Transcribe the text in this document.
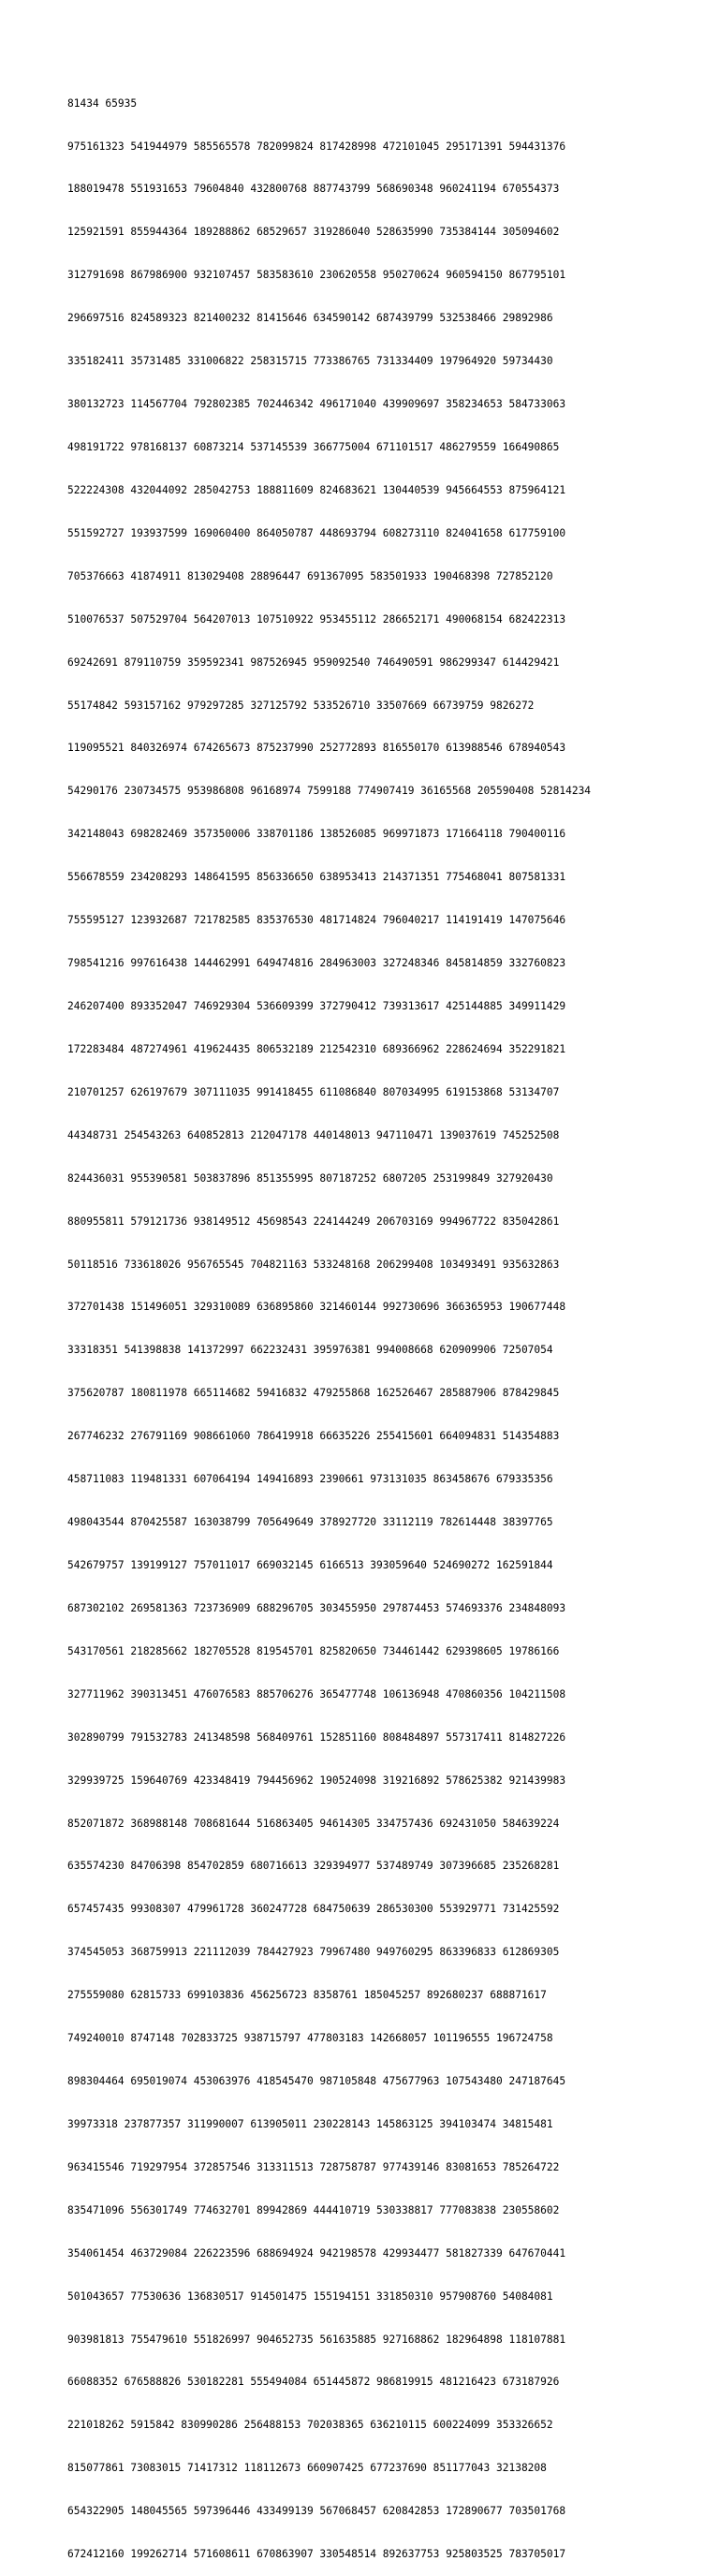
81434 65935

975161323 541944979 585565578 782099824 817428998 472101045 295171391 594431376

188019478 551931653 79604840 432800768 887743799 568690348 960241194 670554373

125921591 855944364 189288862 68529657 319286040 528635990 735384144 305094602

312791698 867986900 932107457 583583610 230620558 950270624 960594150 867795101

296697516 824589323 821400232 81415646 634590142 687439799 532538466 29892986

335182411 35731485 331006822 258315715 773386765 731334409 197964920 59734430

380132723 114567704 792802385 702446342 496171040 439909697 358234653 584733063

498191722 978168137 60873214 537145539 366775004 671101517 486279559 166490865

522224308 432044092 285042753 188811609 824683621 130440539 945664553 875964121

551592727 193937599 169060400 864050787 448693794 608273110 824041658 617759100

705376663 41874911 813029408 28896447 691367095 583501933 190468398 727852120

510076537 507529704 564207013 107510922 953455112 286652171 490068154 682422313

69242691 879110759 359592341 987526945 959092540 746490591 986299347 614429421

55174842 593157162 979297285 327125792 533526710 33507669 66739759 9826272

119095521 840326974 674265673 875237990 252772893 816550170 613988546 678940543

54290176 230734575 953986808 96168974 7599188 774907419 36165568 205590408 52814234

342148043 698282469 357350006 338701186 138526085 969971873 171664118 790400116

556678559 234208293 148641595 856336650 638953413 214371351 775468041 807581331

755595127 123932687 721782585 835376530 481714824 796040217 114191419 147075646

798541216 997616438 144462991 649474816 284963003 327248346 845814859 332760823

246207400 893352047 746929304 536609399 372790412 739313617 425144885 349911429

172283484 487274961 419624435 806532189 212542310 689366962 228624694 352291821

210701257 626197679 307111035 991418455 611086840 807034995 619153868 53134707

44348731 254543263 640852813 212047178 440148013 947110471 139037619 745252508

824436031 955390581 503837896 851355995 807187252 6807205 253199849 327920430

880955811 579121736 938149512 45698543 224144249 206703169 994967722 835042861

50118516 733618026 956765545 704821163 533248168 206299408 103493491 935632863

372701438 151496051 329310089 636895860 321460144 992730696 366365953 190677448

33318351 541398838 141372997 662232431 395976381 994008668 620909906 72507054

375620787 180811978 665114682 59416832 479255868 162526467 285887906 878429845

267746232 276791169 908661060 786419918 66635226 255415601 664094831 514354883

458711083 119481331 607064194 149416893 2390661 973131035 863458676 679335356

498043544 870425587 163038799 705649649 378927720 33112119 782614448 38397765

542679757 139199127 757011017 669032145 6166513 393059640 524690272 162591844

687302102 269581363 723736909 688296705 303455950 297874453 574693376 234848093

543170561 218285662 182705528 819545701 825820650 734461442 629398605 19786166

327711962 390313451 476076583 885706276 365477748 106136948 470860356 104211508

302890799 791532783 241348598 568409761 152851160 808484897 557317411 814827226

329939725 159640769 423348419 794456962 190524098 319216892 578625382 921439983

852071872 368988148 708681644 516863405 94614305 334757436 692431050 584639224

635574230 84706398 854702859 680716613 329394977 537489749 307396685 235268281

657457435 99308307 479961728 360247728 684750639 286530300 553929771 731425592

374545053 368759913 221112039 784427923 79967480 949760295 863396833 612869305

275559080 62815733 699103836 456256723 8358761 185045257 892680237 688871617

749240010 8747148 702833725 938715797 477803183 142668057 101196555 196724758

898304464 695019074 453063976 418545470 987105848 475677963 107543480 247187645

39973318 237877357 311990007 613905011 230228143 145863125 394103474 34815481

963415546 719297954 372857546 313311513 728758787 977439146 83081653 785264722

835471096 556301749 774632701 89942869 444410719 530338817 777083838 230558602

354061454 463729084 226223596 688694924 942198578 429934477 581827339 647670441

501043657 77530636 136830517 914501475 155194151 331850310 957908760 54084081

903981813 755479610 551826997 904652735 561635885 927168862 182964898 118107881

66088352 676588826 530182281 555494084 651445872 986819915 481216423 673187926

221018262 5915842 830990286 256488153 702038365 636210115 600224099 353326652

815077861 73083015 71417312 118112673 660907425 677237690 851177043 32138208

654322905 148045565 597396446 433499139 567068457 620842853 172890677 703501768

672412160 199262714 571608611 670863907 330548514 892637753 925803525 783705017
